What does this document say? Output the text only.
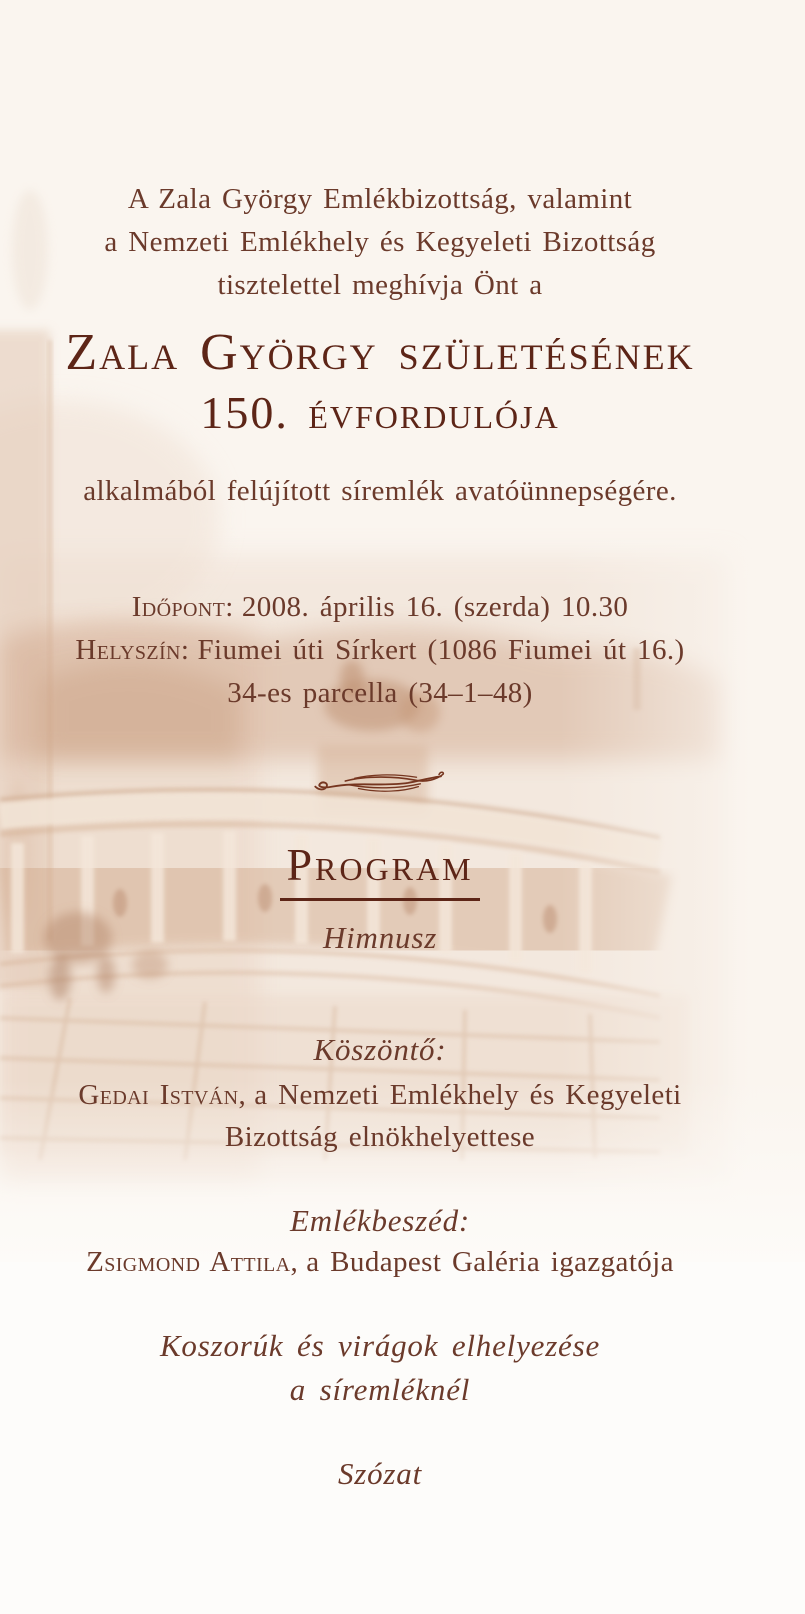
A Zala György Emlékbizottság, valamint
a Nemzeti Emlékhely és Kegyeleti Bizottság
tisztelettel meghívja Önt a
Zala György születésének
150. évfordulója
alkalmából felújított síremlék avatóünnepségére.
Időpont: 2008. április 16. (szerda) 10.30
Helyszín: Fiumei úti Sírkert (1086 Fiumei út 16.)
34-es parcella (34–1–48)
Program
Himnusz
Köszöntő:
Gedai István, a Nemzeti Emlékhely és Kegyeleti
Bizottság elnökhelyettese
Emlékbeszéd:
Zsigmond Attila, a Budapest Galéria igazgatója
Koszorúk és virágok elhelyezése
a síremléknél
Szózat
